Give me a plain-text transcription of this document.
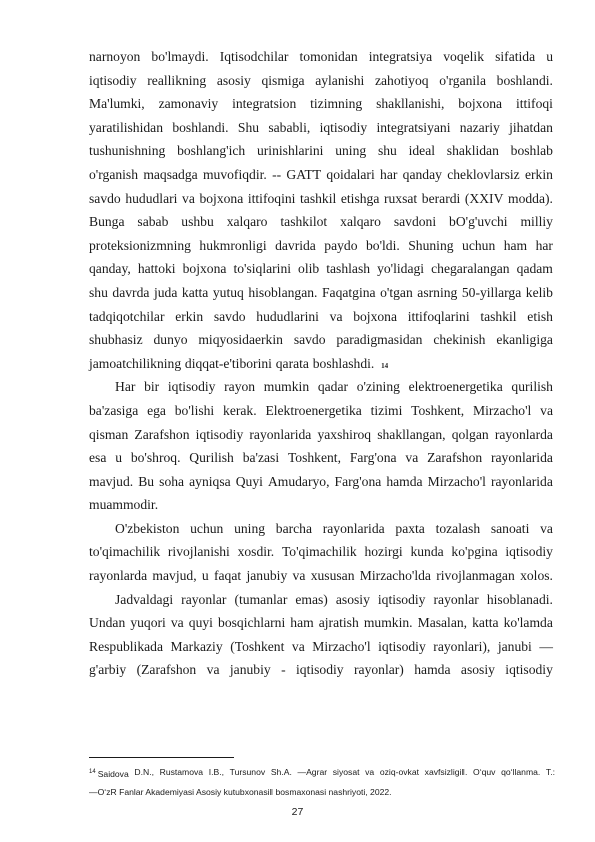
narnoyon bo'lmaydi. Iqtisodchilar tomonidan integratsiya voqelik sifatida u
iqtisodiy reallikning asosiy qismiga aylanishi zahotiyoq o'rganila boshlandi.
Ma'lumki, zamonaviy integratsion tizimning shakllanishi, bojxona ittifoqi
yaratilishidan boshlandi. Shu sababli, iqtisodiy integratsiyani nazariy jihatdan
tushunishning boshlang'ich urinishlarini uning shu ideal shaklidan boshlab
o'rganish maqsadga muvofiqdir. -- GATT qoidalari har qanday cheklovlarsiz erkin
savdo hududlari va bojxona ittifoqini tashkil etishga ruxsat berardi (XXIV modda).
Bunga sabab ushbu xalqaro tashkilot xalqaro savdoni bO'g'uvchi milliy
proteksionizmning hukmronligi davrida paydo bo'ldi. Shuning uchun ham har
qanday, hattoki bojxona to'siqlarini olib tashlash yo'lidagi chegaralangan qadam
shu davrda juda katta yutuq hisoblangan. Faqatgina o'tgan asrning 50-yillarga kelib
tadqiqotchilar erkin savdo hududlarini va bojxona ittifoqlarini tashkil etish
shubhasiz dunyo miqyosidaerkin savdo paradigmasidan chekinish ekanligiga
jamoatchilikning diqqat-e'tiborini qarata boshlashdi. 14
Har bir iqtisodiy rayon mumkin qadar o'zining elektroenergetika qurilish
ba'zasiga ega bo'lishi kerak. Elektroenergetika tizimi Toshkent, Mirzacho'l va
qisman Zarafshon iqtisodiy rayonlarida yaxshiroq shakllangan, qolgan rayonlarda
esa u bo'shroq. Qurilish ba'zasi Toshkent, Farg'ona va Zarafshon rayonlarida
mavjud. Bu soha ayniqsa Quyi Amudaryo, Farg'ona hamda Mirzacho'l rayonlarida
muammodir.
O'zbekiston uchun uning barcha rayonlarida paxta tozalash sanoati va
to'qimachilik rivojlanishi xosdir. To'qimachilik hozirgi kunda ko'pgina iqtisodiy
rayonlarda mavjud, u faqat janubiy va xususan Mirzacho'lda rivojlanmagan xolos.
Jadvaldagi rayonlar (tumanlar emas) asosiy iqtisodiy rayonlar hisoblanadi.
Undan yuqori va quyi bosqichlarni ham ajratish mumkin. Masalan, katta ko'lamda
Respublikada Markaziy (Toshkent va Mirzacho'l iqtisodiy rayonlari), janubi —
g'arbiy (Zarafshon va janubiy - iqtisodiy rayonlar) hamda asosiy iqtisodiy
$^{14}$ Saidova D.N., Rustamova I.B., Tursunov Sh.A. ―Agrar siyosat va oziq-ovkat xavfsizligi‖. O‘quv qo‘llanma. T.:
―O‘zR Fanlar Akademiyasi Asosiy kutubxonasi‖ bosmaxonasi nashriyoti, 2022.
27
